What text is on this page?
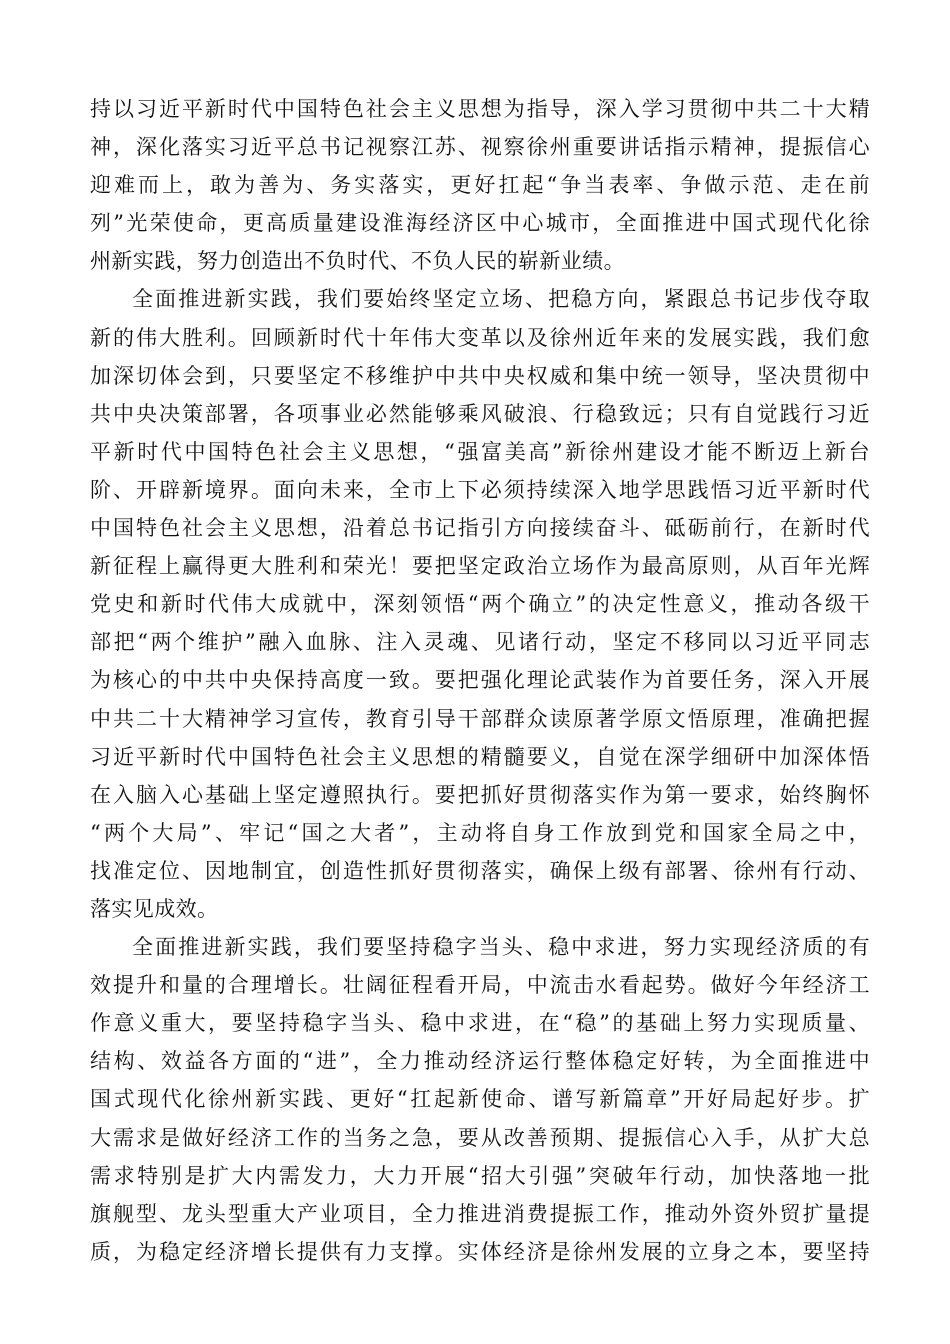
持以习近平新时代中国特色社会主义思想为指导，深入学习贯彻中共二十大精
神，深化落实习近平总书记视察江苏、视察徐州重要讲话指示精神，提振信心
迎难而上，敢为善为、务实落实，更好扛起“争当表率、争做示范、走在前
列”光荣使命，更高质量建设淮海经济区中心城市，全面推进中国式现代化徐
州新实践，努力创造出不负时代、不负人民的崭新业绩。
全面推进新实践，我们要始终坚定立场、把稳方向，紧跟总书记步伐夺取
新的伟大胜利。回顾新时代十年伟大变革以及徐州近年来的发展实践，我们愈
加深切体会到，只要坚定不移维护中共中央权威和集中统一领导，坚决贯彻中
共中央决策部署，各项事业必然能够乘风破浪、行稳致远；只有自觉践行习近
平新时代中国特色社会主义思想，“强富美高”新徐州建设才能不断迈上新台
阶、开辟新境界。面向未来，全市上下必须持续深入地学思践悟习近平新时代
中国特色社会主义思想，沿着总书记指引方向接续奋斗、砥砺前行，在新时代
新征程上赢得更大胜利和荣光！要把坚定政治立场作为最高原则，从百年光辉
党史和新时代伟大成就中，深刻领悟“两个确立”的决定性意义，推动各级干
部把“两个维护”融入血脉、注入灵魂、见诸行动，坚定不移同以习近平同志
为核心的中共中央保持高度一致。要把强化理论武装作为首要任务，深入开展
中共二十大精神学习宣传，教育引导干部群众读原著学原文悟原理，准确把握
习近平新时代中国特色社会主义思想的精髓要义，自觉在深学细研中加深体悟
在入脑入心基础上坚定遵照执行。要把抓好贯彻落实作为第一要求，始终胸怀
“两个大局”、牢记“国之大者”，主动将自身工作放到党和国家全局之中，
找准定位、因地制宜，创造性抓好贯彻落实，确保上级有部署、徐州有行动、
落实见成效。
全面推进新实践，我们要坚持稳字当头、稳中求进，努力实现经济质的有
效提升和量的合理增长。壮阔征程看开局，中流击水看起势。做好今年经济工
作意义重大，要坚持稳字当头、稳中求进，在“稳”的基础上努力实现质量、
结构、效益各方面的“进”，全力推动经济运行整体稳定好转，为全面推进中
国式现代化徐州新实践、更好“扛起新使命、谱写新篇章”开好局起好步。扩
大需求是做好经济工作的当务之急，要从改善预期、提振信心入手，从扩大总
需求特别是扩大内需发力，大力开展“招大引强”突破年行动，加快落地一批
旗舰型、龙头型重大产业项目，全力推进消费提振工作，推动外资外贸扩量提
质，为稳定经济增长提供有力支撑。实体经济是徐州发展的立身之本，要坚持
